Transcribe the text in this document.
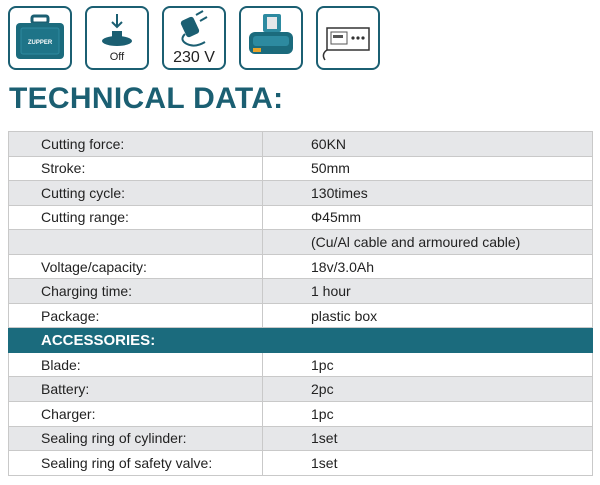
ZUPPER
Off	230 V
TECHNICAL DATA:
Cutting force:	60KN
Stroke:	50mm
Cutting cycle:	130times
Cutting range:	Φ45mm
	(Cu/Al cable and armoured cable)
Voltage/capacity:	18v/3.0Ah
Charging time:	1 hour
Package:	plastic box
ACCESSORIES:	
Blade:	1pc
Battery:	2pc
Charger:	1pc
Sealing ring of cylinder:	1set
Sealing ring of safety valve:	1set
